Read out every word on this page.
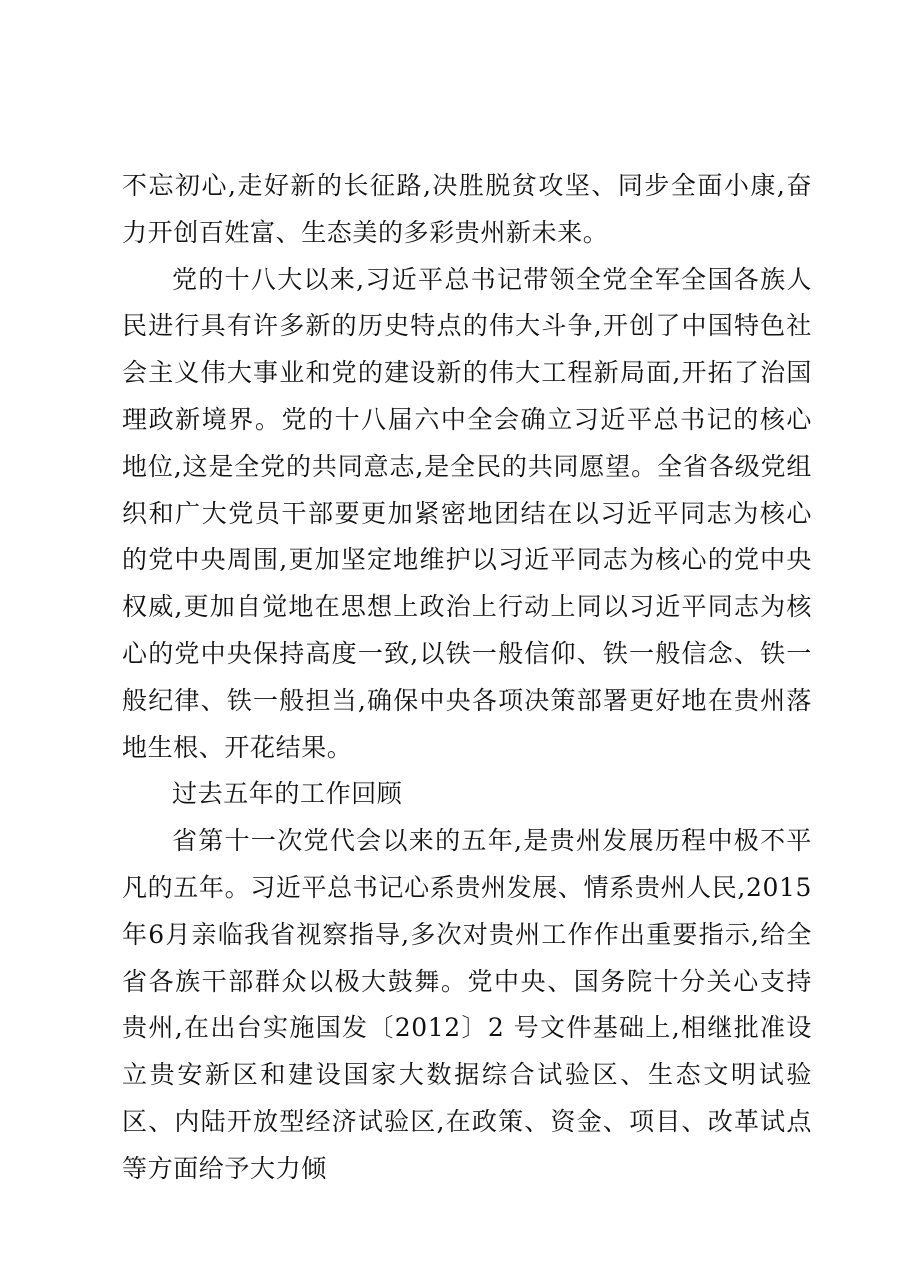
不忘初心,走好新的长征路,决胜脱贫攻坚、同步全面小康,奋力开创百姓富、生态美的多彩贵州新未来。

党的十八大以来,习近平总书记带领全党全军全国各族人民进行具有许多新的历史特点的伟大斗争,开创了中国特色社会主义伟大事业和党的建设新的伟大工程新局面,开拓了治国理政新境界。党的十八届六中全会确立习近平总书记的核心地位,这是全党的共同意志,是全民的共同愿望。全省各级党组织和广大党员干部要更加紧密地团结在以习近平同志为核心的党中央周围,更加坚定地维护以习近平同志为核心的党中央权威,更加自觉地在思想上政治上行动上同以习近平同志为核心的党中央保持高度一致,以铁一般信仰、铁一般信念、铁一般纪律、铁一般担当,确保中央各项决策部署更好地在贵州落地生根、开花结果。

过去五年的工作回顾

省第十一次党代会以来的五年,是贵州发展历程中极不平凡的五年。习近平总书记心系贵州发展、情系贵州人民,2015 年6月亲临我省视察指导,多次对贵州工作作出重要指示,给全省各族干部群众以极大鼓舞。党中央、国务院十分关心支持贵州,在出台实施国发〔2012〕2 号文件基础上,相继批准设立贵安新区和建设国家大数据综合试验区、生态文明试验区、内陆开放型经济试验区,在政策、资金、项目、改革试点等方面给予大力倾
